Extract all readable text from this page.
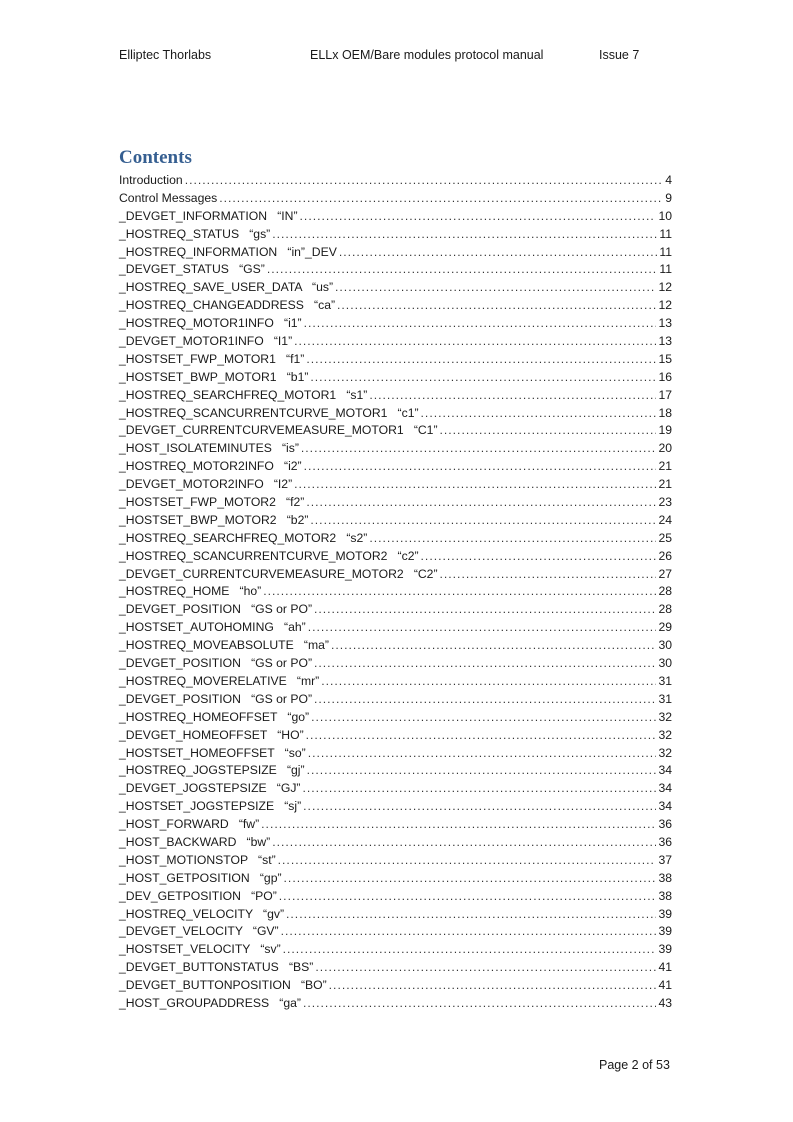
Elliptec Thorlabs	ELLx OEM/Bare modules protocol manual	Issue 7
Contents
Introduction .....	4
Control Messages .....	9
_DEVGET_INFORMATION   “IN” .....	10
_HOSTREQ_STATUS   “gs” .....	11
_HOSTREQ_INFORMATION   “in”_DEV .....	11
_DEVGET_STATUS   “GS” .....	11
_HOSTREQ_SAVE_USER_DATA   “us” .....	12
_HOSTREQ_CHANGEADDRESS   “ca” .....	12
_HOSTREQ_MOTOR1INFO   “i1” .....	13
_DEVGET_MOTOR1INFO   “I1” .....	13
_HOSTSET_FWP_MOTOR1   “f1” .....	15
_HOSTSET_BWP_MOTOR1   “b1” .....	16
_HOSTREQ_SEARCHFREQ_MOTOR1   “s1” .....	17
_HOSTREQ_SCANCURRENTCURVE_MOTOR1   “c1” .....	18
_DEVGET_CURRENTCURVEMEASURE_MOTOR1   “C1” .....	19
_HOST_ISOLATEMINUTES   “is” .....	20
_HOSTREQ_MOTOR2INFO   “i2” .....	21
_DEVGET_MOTOR2INFO   “I2” .....	21
_HOSTSET_FWP_MOTOR2   “f2” .....	23
_HOSTSET_BWP_MOTOR2   “b2” .....	24
_HOSTREQ_SEARCHFREQ_MOTOR2   “s2” .....	25
_HOSTREQ_SCANCURRENTCURVE_MOTOR2   “c2” .....	26
_DEVGET_CURRENTCURVEMEASURE_MOTOR2   “C2” .....	27
_HOSTREQ_HOME   “ho” .....	28
_DEVGET_POSITION   “GS or PO” .....	28
_HOSTSET_AUTOHOMING   “ah” .....	29
_HOSTREQ_MOVEABSOLUTE   “ma” .....	30
_DEVGET_POSITION   “GS or PO” .....	30
_HOSTREQ_MOVERELATIVE   “mr” .....	31
_DEVGET_POSITION   “GS or PO” .....	31
_HOSTREQ_HOMEOFFSET   “go” .....	32
_DEVGET_HOMEOFFSET   “HO” .....	32
_HOSTSET_HOMEOFFSET   “so” .....	32
_HOSTREQ_JOGSTEPSIZE   “gj” .....	34
_DEVGET_JOGSTEPSIZE   “GJ” .....	34
_HOSTSET_JOGSTEPSIZE   “sj” .....	34
_HOST_FORWARD   “fw” .....	36
_HOST_BACKWARD   “bw” .....	36
_HOST_MOTIONSTOP   “st” .....	37
_HOST_GETPOSITION   “gp” .....	38
_DEV_GETPOSITION   “PO” .....	38
_HOSTREQ_VELOCITY   “gv” .....	39
_DEVGET_VELOCITY   “GV” .....	39
_HOSTSET_VELOCITY   “sv” .....	39
_DEVGET_BUTTONSTATUS   “BS” .....	41
_DEVGET_BUTTONPOSITION   “BO” .....	41
_HOST_GROUPADDRESS   “ga” .....	43
Page 2 of 53
